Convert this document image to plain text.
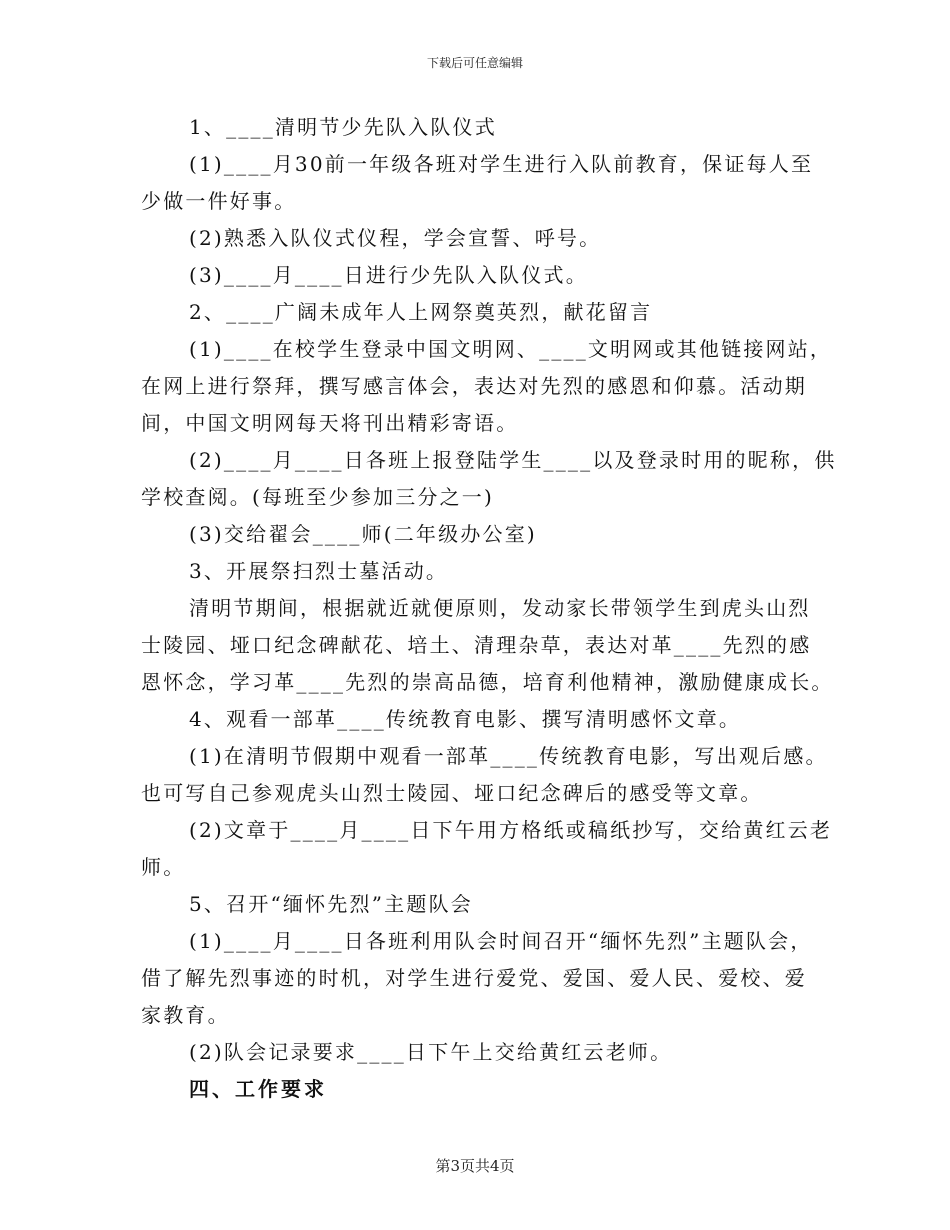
下载后可任意编辑

1、____清明节少先队入队仪式

(1)____月30前一年级各班对学生进行入队前教育，保证每人至
少做一件好事。

(2)熟悉入队仪式仪程，学会宣誓、呼号。

(3)____月____日进行少先队入队仪式。

2、____广阔未成年人上网祭奠英烈，献花留言

(1)____在校学生登录中国文明网、____文明网或其他链接网站，
在网上进行祭拜，撰写感言体会，表达对先烈的感恩和仰慕。活动期
间，中国文明网每天将刊出精彩寄语。

(2)____月____日各班上报登陆学生____以及登录时用的昵称，供
学校查阅。(每班至少参加三分之一)

(3)交给翟会____师(二年级办公室)

3、开展祭扫烈士墓活动。

清明节期间，根据就近就便原则，发动家长带领学生到虎头山烈
士陵园、垭口纪念碑献花、培土、清理杂草，表达对革____先烈的感
恩怀念，学习革____先烈的崇高品德，培育利他精神，激励健康成长。

4、观看一部革____传统教育电影、撰写清明感怀文章。

(1)在清明节假期中观看一部革____传统教育电影，写出观后感。
也可写自己参观虎头山烈士陵园、垭口纪念碑后的感受等文章。

(2)文章于____月____日下午用方格纸或稿纸抄写，交给黄红云老
师。

5、召开“缅怀先烈”主题队会

(1)____月____日各班利用队会时间召开“缅怀先烈”主题队会，
借了解先烈事迹的时机，对学生进行爱党、爱国、爱人民、爱校、爱
家教育。

(2)队会记录要求____日下午上交给黄红云老师。

四、工作要求

第3页共4页
